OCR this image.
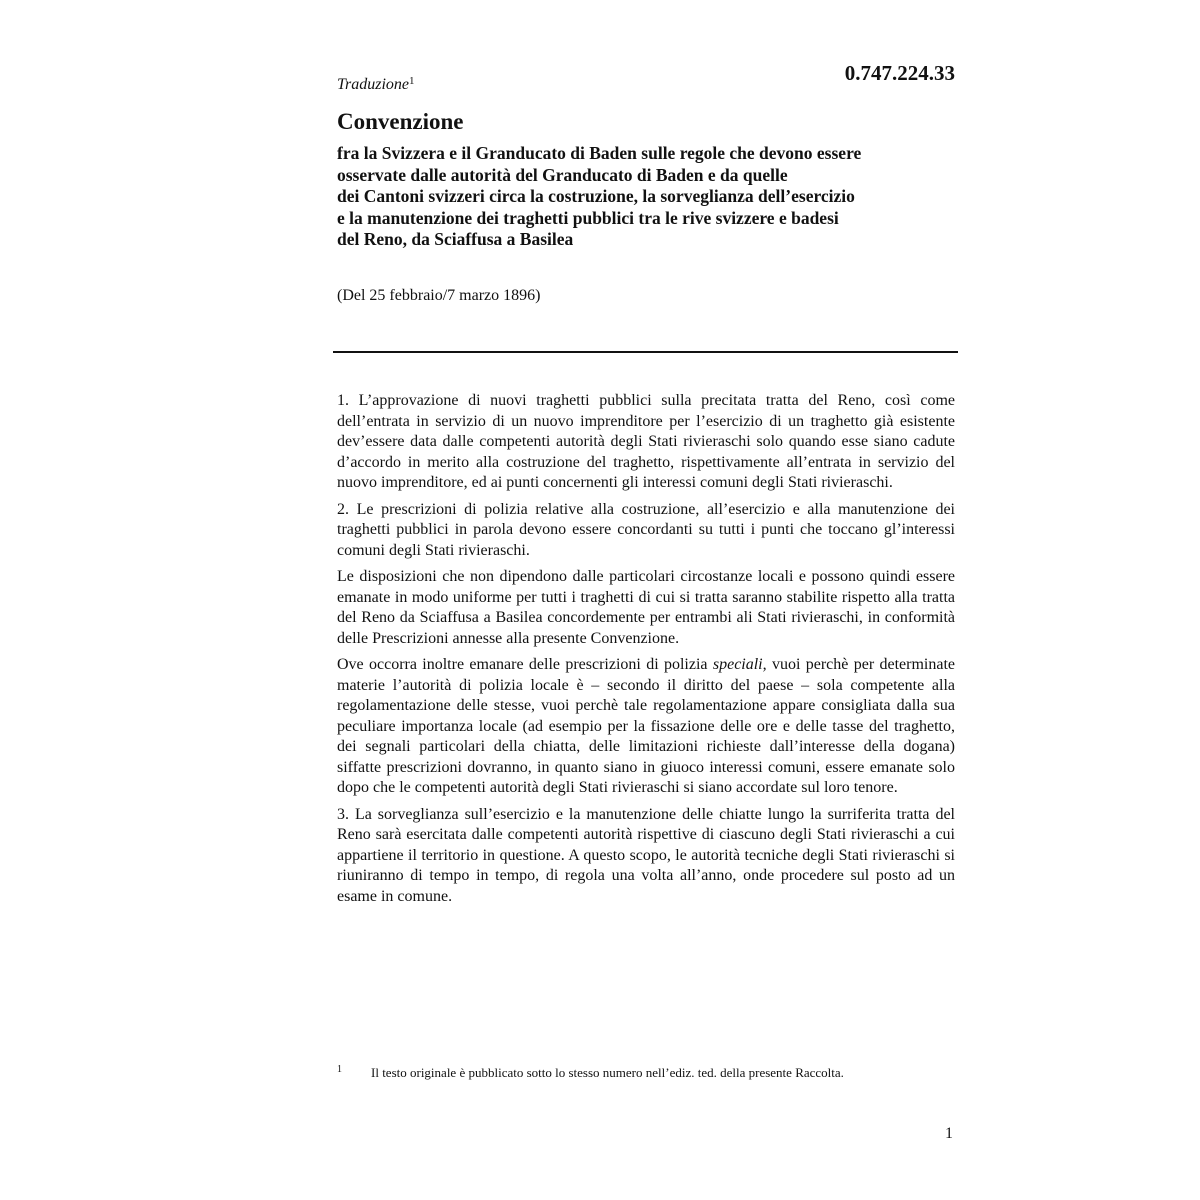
Traduzione$^1$	0.747.224.33
Convenzione
fra la Svizzera e il Granducato di Baden sulle regole che devono essere
osservate dalle autorità del Granducato di Baden e da quelle
dei Cantoni svizzeri circa la costruzione, la sorveglianza dell’esercizio
e la manutenzione dei traghetti pubblici tra le rive svizzere e badesi
del Reno, da Sciaffusa a Basilea
(Del 25 febbraio/7 marzo 1896)

1. L’approvazione di nuovi traghetti pubblici sulla precitata tratta del Reno, così come dell’entrata in servizio di un nuovo imprenditore per l’esercizio di un traghetto già esistente dev’essere data dalle competenti autorità degli Stati rivieraschi solo quando esse siano cadute d’accordo in merito alla costruzione del traghetto, rispettivamente all’entrata in servizio del nuovo imprenditore, ed ai punti concernenti gli interessi comuni degli Stati rivieraschi.

2. Le prescrizioni di polizia relative alla costruzione, all’esercizio e alla manutenzione dei traghetti pubblici in parola devono essere concordanti su tutti i punti che toccano gl’interessi comuni degli Stati rivieraschi.

Le disposizioni che non dipendono dalle particolari circostanze locali e possono quindi essere emanate in modo uniforme per tutti i traghetti di cui si tratta saranno stabilite rispetto alla tratta del Reno da Sciaffusa a Basilea concordemente per entrambi ali Stati rivieraschi, in conformità delle Prescrizioni annesse alla presente Convenzione.

Ove occorra inoltre emanare delle prescrizioni di polizia speciali, vuoi perchè per determinate materie l’autorità di polizia locale è – secondo il diritto del paese – sola competente alla regolamentazione delle stesse, vuoi perchè tale regolamentazione appare consigliata dalla sua peculiare importanza locale (ad esempio per la fissazione delle ore e delle tasse del traghetto, dei segnali particolari della chiatta, delle limitazioni richieste dall’interesse della dogana) siffatte prescrizioni dovranno, in quanto siano in giuoco interessi comuni, essere emanate solo dopo che le competenti autorità degli Stati rivieraschi si siano accordate sul loro tenore.

3. La sorveglianza sull’esercizio e la manutenzione delle chiatte lungo la surriferita tratta del Reno sarà esercitata dalle competenti autorità rispettive di ciascuno degli Stati rivieraschi a cui appartiene il territorio in questione. A questo scopo, le autorità tecniche degli Stati rivieraschi si riuniranno di tempo in tempo, di regola una volta all’anno, onde procedere sul posto ad un esame in comune.

1 Il testo originale è pubblicato sotto lo stesso numero nell’ediz. ted. della presente Raccolta.
1
